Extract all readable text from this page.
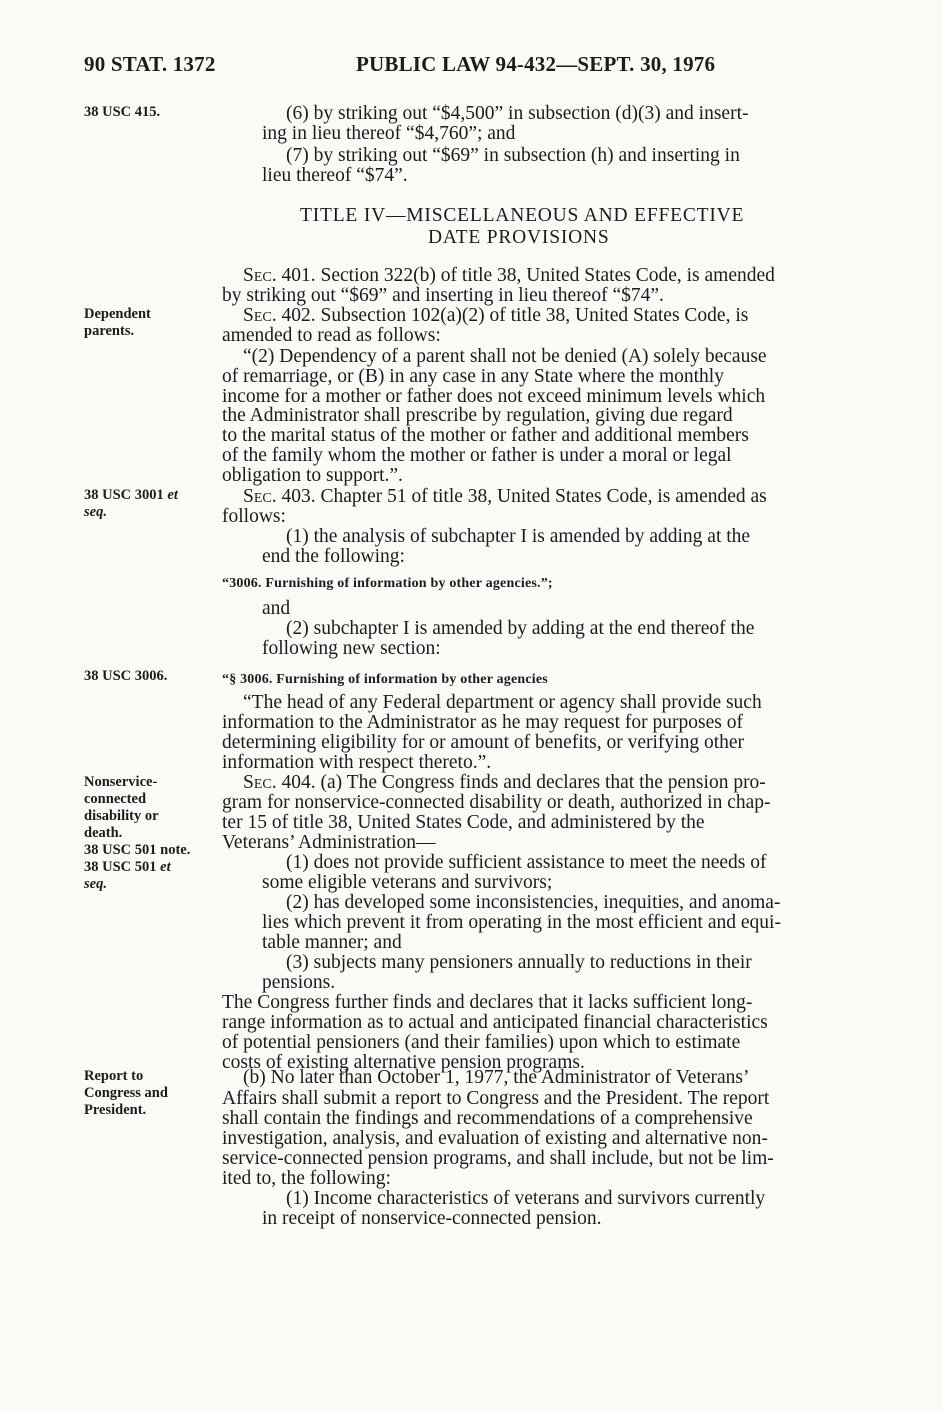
90 STAT. 1372	PUBLIC LAW 94-432—SEPT. 30, 1976
38 USC 415.
Dependent
parents.
38 USC 3001 et
seq.
38 USC 3006.
Nonservice-
connected
disability or
death.
38 USC 501 note.
38 USC 501 et
seq.
Report to
Congress and
President.
(6) by striking out “$4,500” in subsection (d)(3) and insert-
ing in lieu thereof “$4,760”; and
(7) by striking out “$69” in subsection (h) and inserting in
lieu thereof “$74”.
TITLE IV—MISCELLANEOUS AND EFFECTIVE
DATE PROVISIONS
Sec. 401. Section 322(b) of title 38, United States Code, is amended
by striking out “$69” and inserting in lieu thereof “$74”.
Sec. 402. Subsection 102(a)(2) of title 38, United States Code, is
amended to read as follows:
“(2) Dependency of a parent shall not be denied (A) solely because
of remarriage, or (B) in any case in any State where the monthly
income for a mother or father does not exceed minimum levels which
the Administrator shall prescribe by regulation, giving due regard
to the marital status of the mother or father and additional members
of the family whom the mother or father is under a moral or legal
obligation to support.”.
Sec. 403. Chapter 51 of title 38, United States Code, is amended as
follows:
(1) the analysis of subchapter I is amended by adding at the
end the following:
“3006. Furnishing of information by other agencies.”;
and
(2) subchapter I is amended by adding at the end thereof the
following new section:
“§ 3006. Furnishing of information by other agencies
“The head of any Federal department or agency shall provide such
information to the Administrator as he may request for purposes of
determining eligibility for or amount of benefits, or verifying other
information with respect thereto.”.
Sec. 404. (a) The Congress finds and declares that the pension pro-
gram for nonservice-connected disability or death, authorized in chap-
ter 15 of title 38, United States Code, and administered by the
Veterans’ Administration—
(1) does not provide sufficient assistance to meet the needs of
some eligible veterans and survivors;
(2) has developed some inconsistencies, inequities, and anoma-
lies which prevent it from operating in the most efficient and equi-
table manner; and
(3) subjects many pensioners annually to reductions in their
pensions.
The Congress further finds and declares that it lacks sufficient long-
range information as to actual and anticipated financial characteristics
of potential pensioners (and their families) upon which to estimate
costs of existing alternative pension programs.
(b) No later than October 1, 1977, the Administrator of Veterans’
Affairs shall submit a report to Congress and the President. The report
shall contain the findings and recommendations of a comprehensive
investigation, analysis, and evaluation of existing and alternative non-
service-connected pension programs, and shall include, but not be lim-
ited to, the following:
(1) Income characteristics of veterans and survivors currently
in receipt of nonservice-connected pension.
